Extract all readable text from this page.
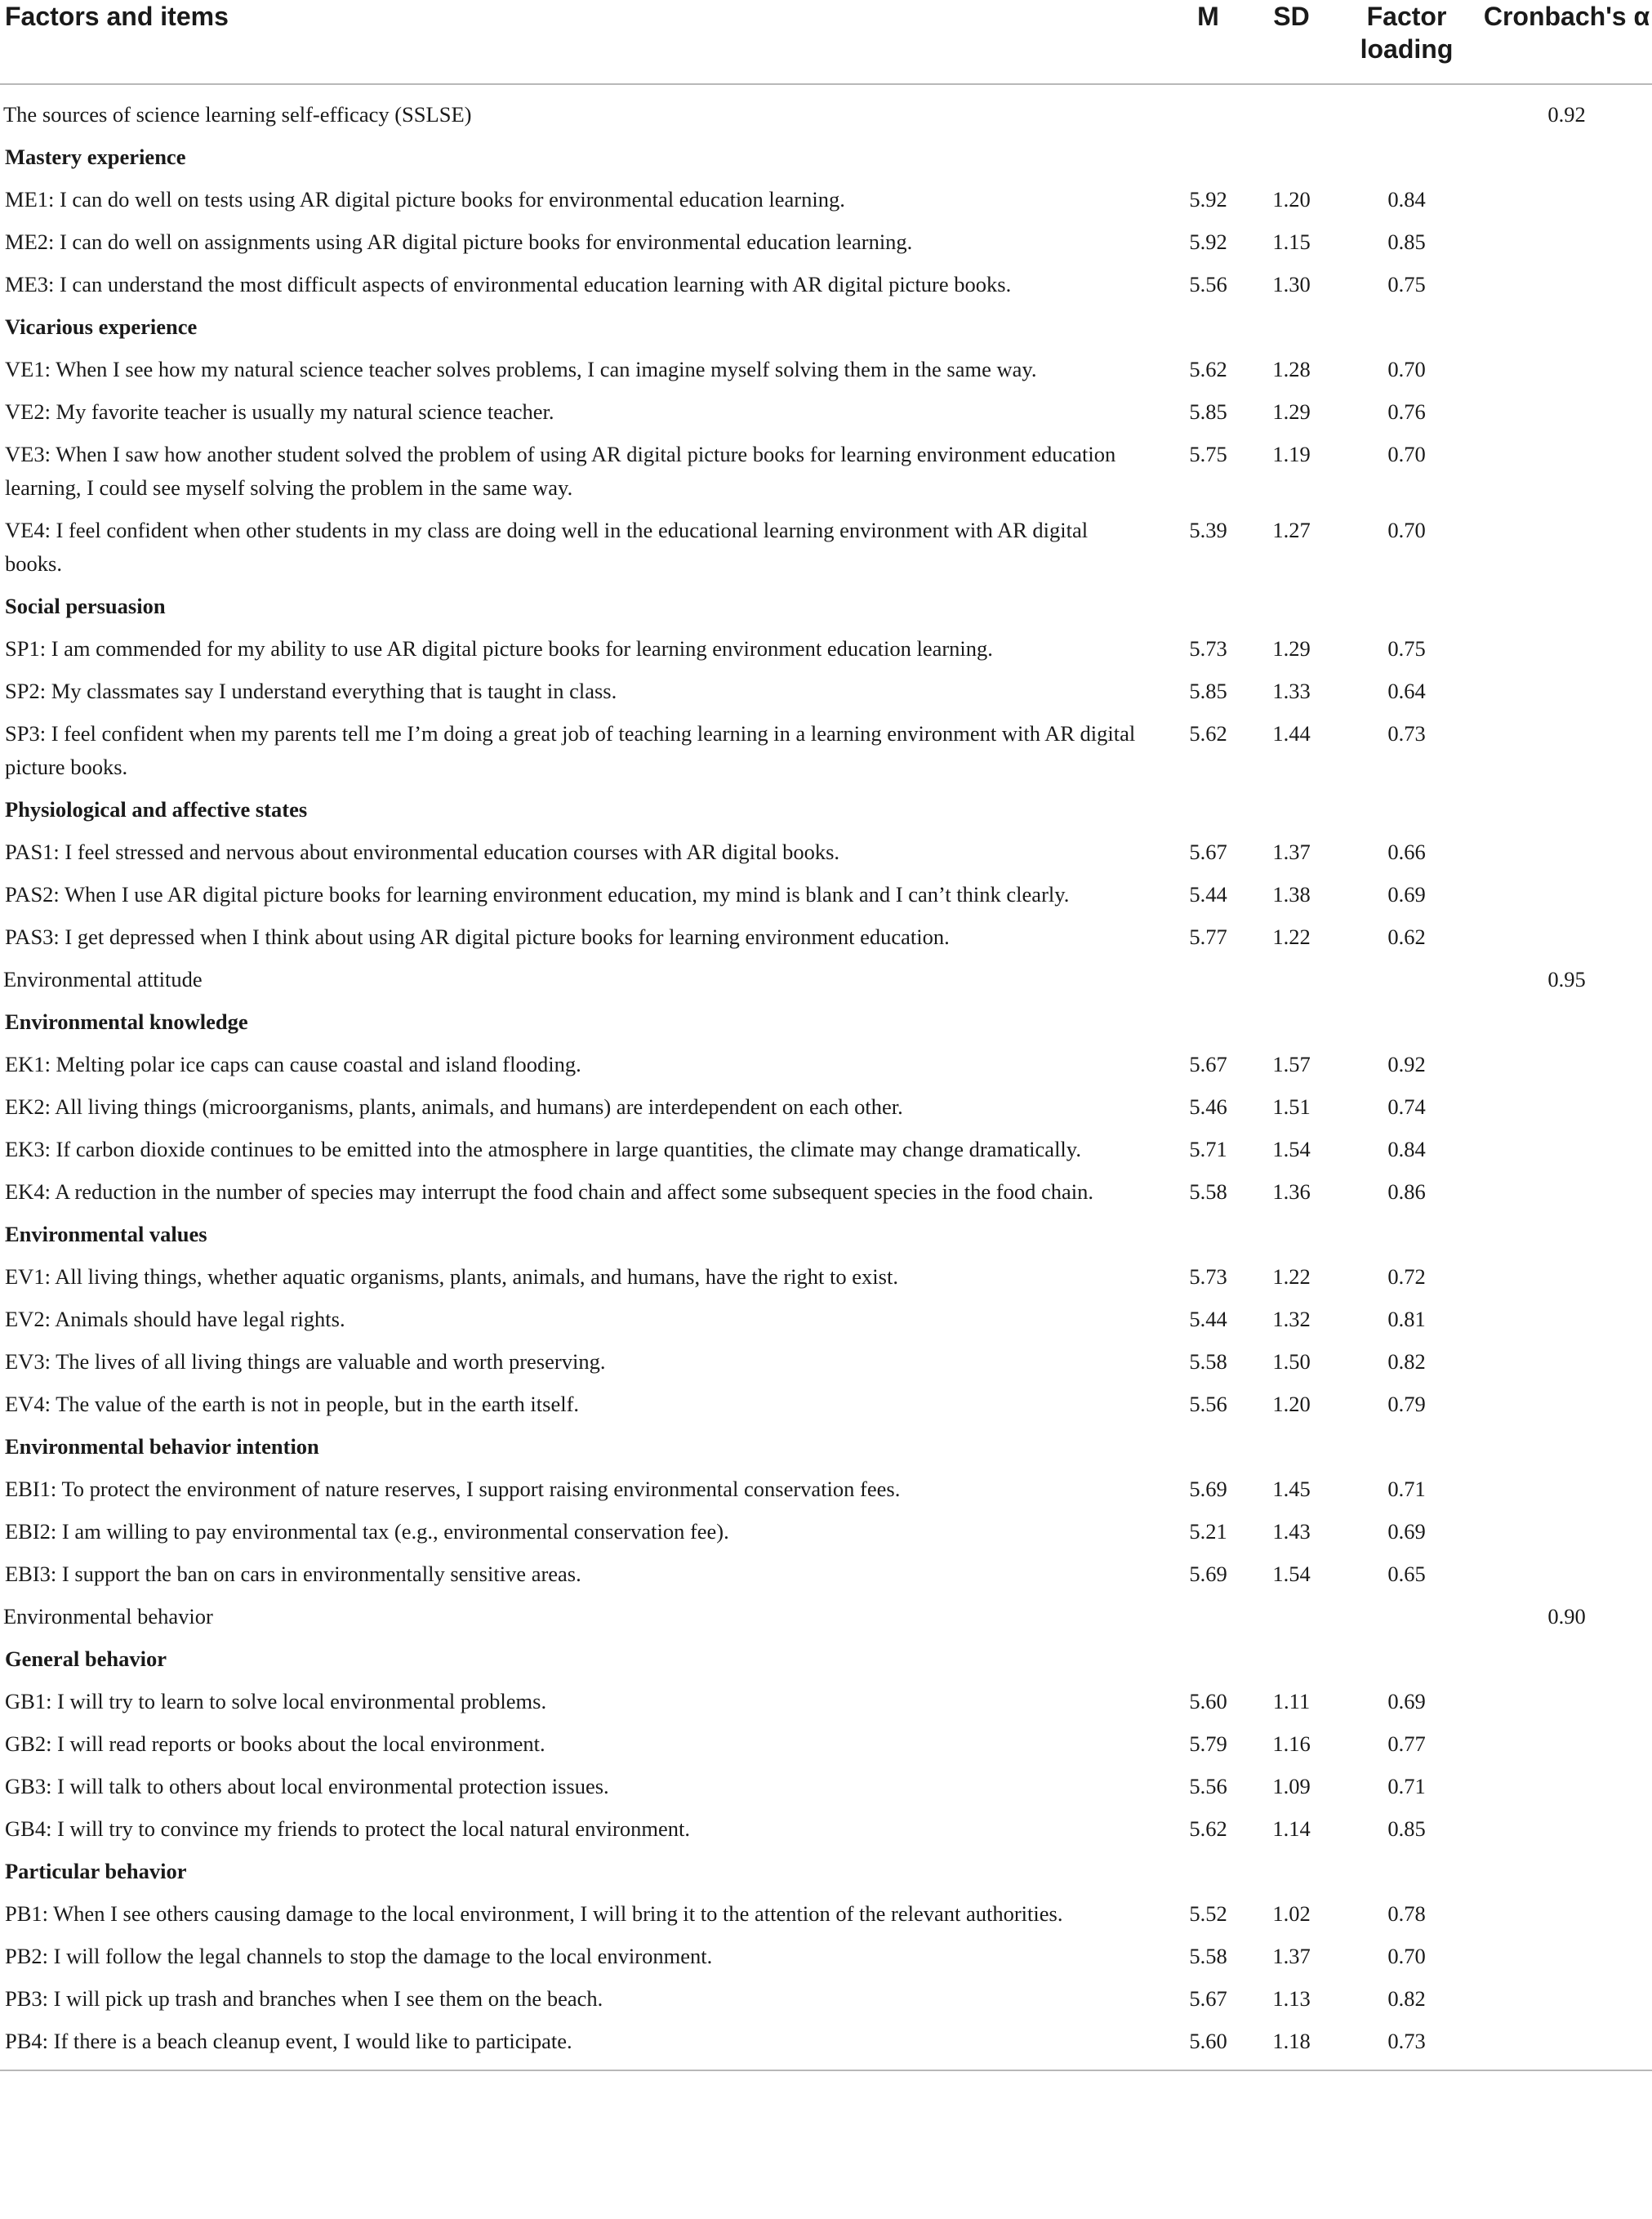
Factors and items	M	SD	Factor loading	Cronbach's α
The sources of science learning self-efficacy (SSLSE)				0.92
Mastery experience				
ME1: I can do well on tests using AR digital picture books for environmental education learning.	5.92	1.20	0.84	
ME2: I can do well on assignments using AR digital picture books for environmental education learning.	5.92	1.15	0.85	
ME3: I can understand the most difficult aspects of environmental education learning with AR digital picture books.	5.56	1.30	0.75	
Vicarious experience				
VE1: When I see how my natural science teacher solves problems, I can imagine myself solving them in the same way.	5.62	1.28	0.70	
VE2: My favorite teacher is usually my natural science teacher.	5.85	1.29	0.76	
VE3: When I saw how another student solved the problem of using AR digital picture books for learning environment education learning, I could see myself solving the problem in the same way.	5.75	1.19	0.70	
VE4: I feel confident when other students in my class are doing well in the educational learning environment with AR digital books.	5.39	1.27	0.70	
Social persuasion				
SP1: I am commended for my ability to use AR digital picture books for learning environment education learning.	5.73	1.29	0.75	
SP2: My classmates say I understand everything that is taught in class.	5.85	1.33	0.64	
SP3: I feel confident when my parents tell me I’m doing a great job of teaching learning in a learning environment with AR digital picture books.	5.62	1.44	0.73	
Physiological and affective states				
PAS1: I feel stressed and nervous about environmental education courses with AR digital books.	5.67	1.37	0.66	
PAS2: When I use AR digital picture books for learning environment education, my mind is blank and I can’t think clearly.	5.44	1.38	0.69	
PAS3: I get depressed when I think about using AR digital picture books for learning environment education.	5.77	1.22	0.62	
Environmental attitude				0.95
Environmental knowledge				
EK1: Melting polar ice caps can cause coastal and island flooding.	5.67	1.57	0.92	
EK2: All living things (microorganisms, plants, animals, and humans) are interdependent on each other.	5.46	1.51	0.74	
EK3: If carbon dioxide continues to be emitted into the atmosphere in large quantities, the climate may change dramatically.	5.71	1.54	0.84	
EK4: A reduction in the number of species may interrupt the food chain and affect some subsequent species in the food chain.	5.58	1.36	0.86	
Environmental values				
EV1: All living things, whether aquatic organisms, plants, animals, and humans, have the right to exist.	5.73	1.22	0.72	
EV2: Animals should have legal rights.	5.44	1.32	0.81	
EV3: The lives of all living things are valuable and worth preserving.	5.58	1.50	0.82	
EV4: The value of the earth is not in people, but in the earth itself.	5.56	1.20	0.79	
Environmental behavior intention				
EBI1: To protect the environment of nature reserves, I support raising environmental conservation fees.	5.69	1.45	0.71	
EBI2: I am willing to pay environmental tax (e.g., environmental conservation fee).	5.21	1.43	0.69	
EBI3: I support the ban on cars in environmentally sensitive areas.	5.69	1.54	0.65	
Environmental behavior				0.90
General behavior				
GB1: I will try to learn to solve local environmental problems.	5.60	1.11	0.69	
GB2: I will read reports or books about the local environment.	5.79	1.16	0.77	
GB3: I will talk to others about local environmental protection issues.	5.56	1.09	0.71	
GB4: I will try to convince my friends to protect the local natural environment.	5.62	1.14	0.85	
Particular behavior				
PB1: When I see others causing damage to the local environment, I will bring it to the attention of the relevant authorities.	5.52	1.02	0.78	
PB2: I will follow the legal channels to stop the damage to the local environment.	5.58	1.37	0.70	
PB3: I will pick up trash and branches when I see them on the beach.	5.67	1.13	0.82	
PB4: If there is a beach cleanup event, I would like to participate.	5.60	1.18	0.73	
